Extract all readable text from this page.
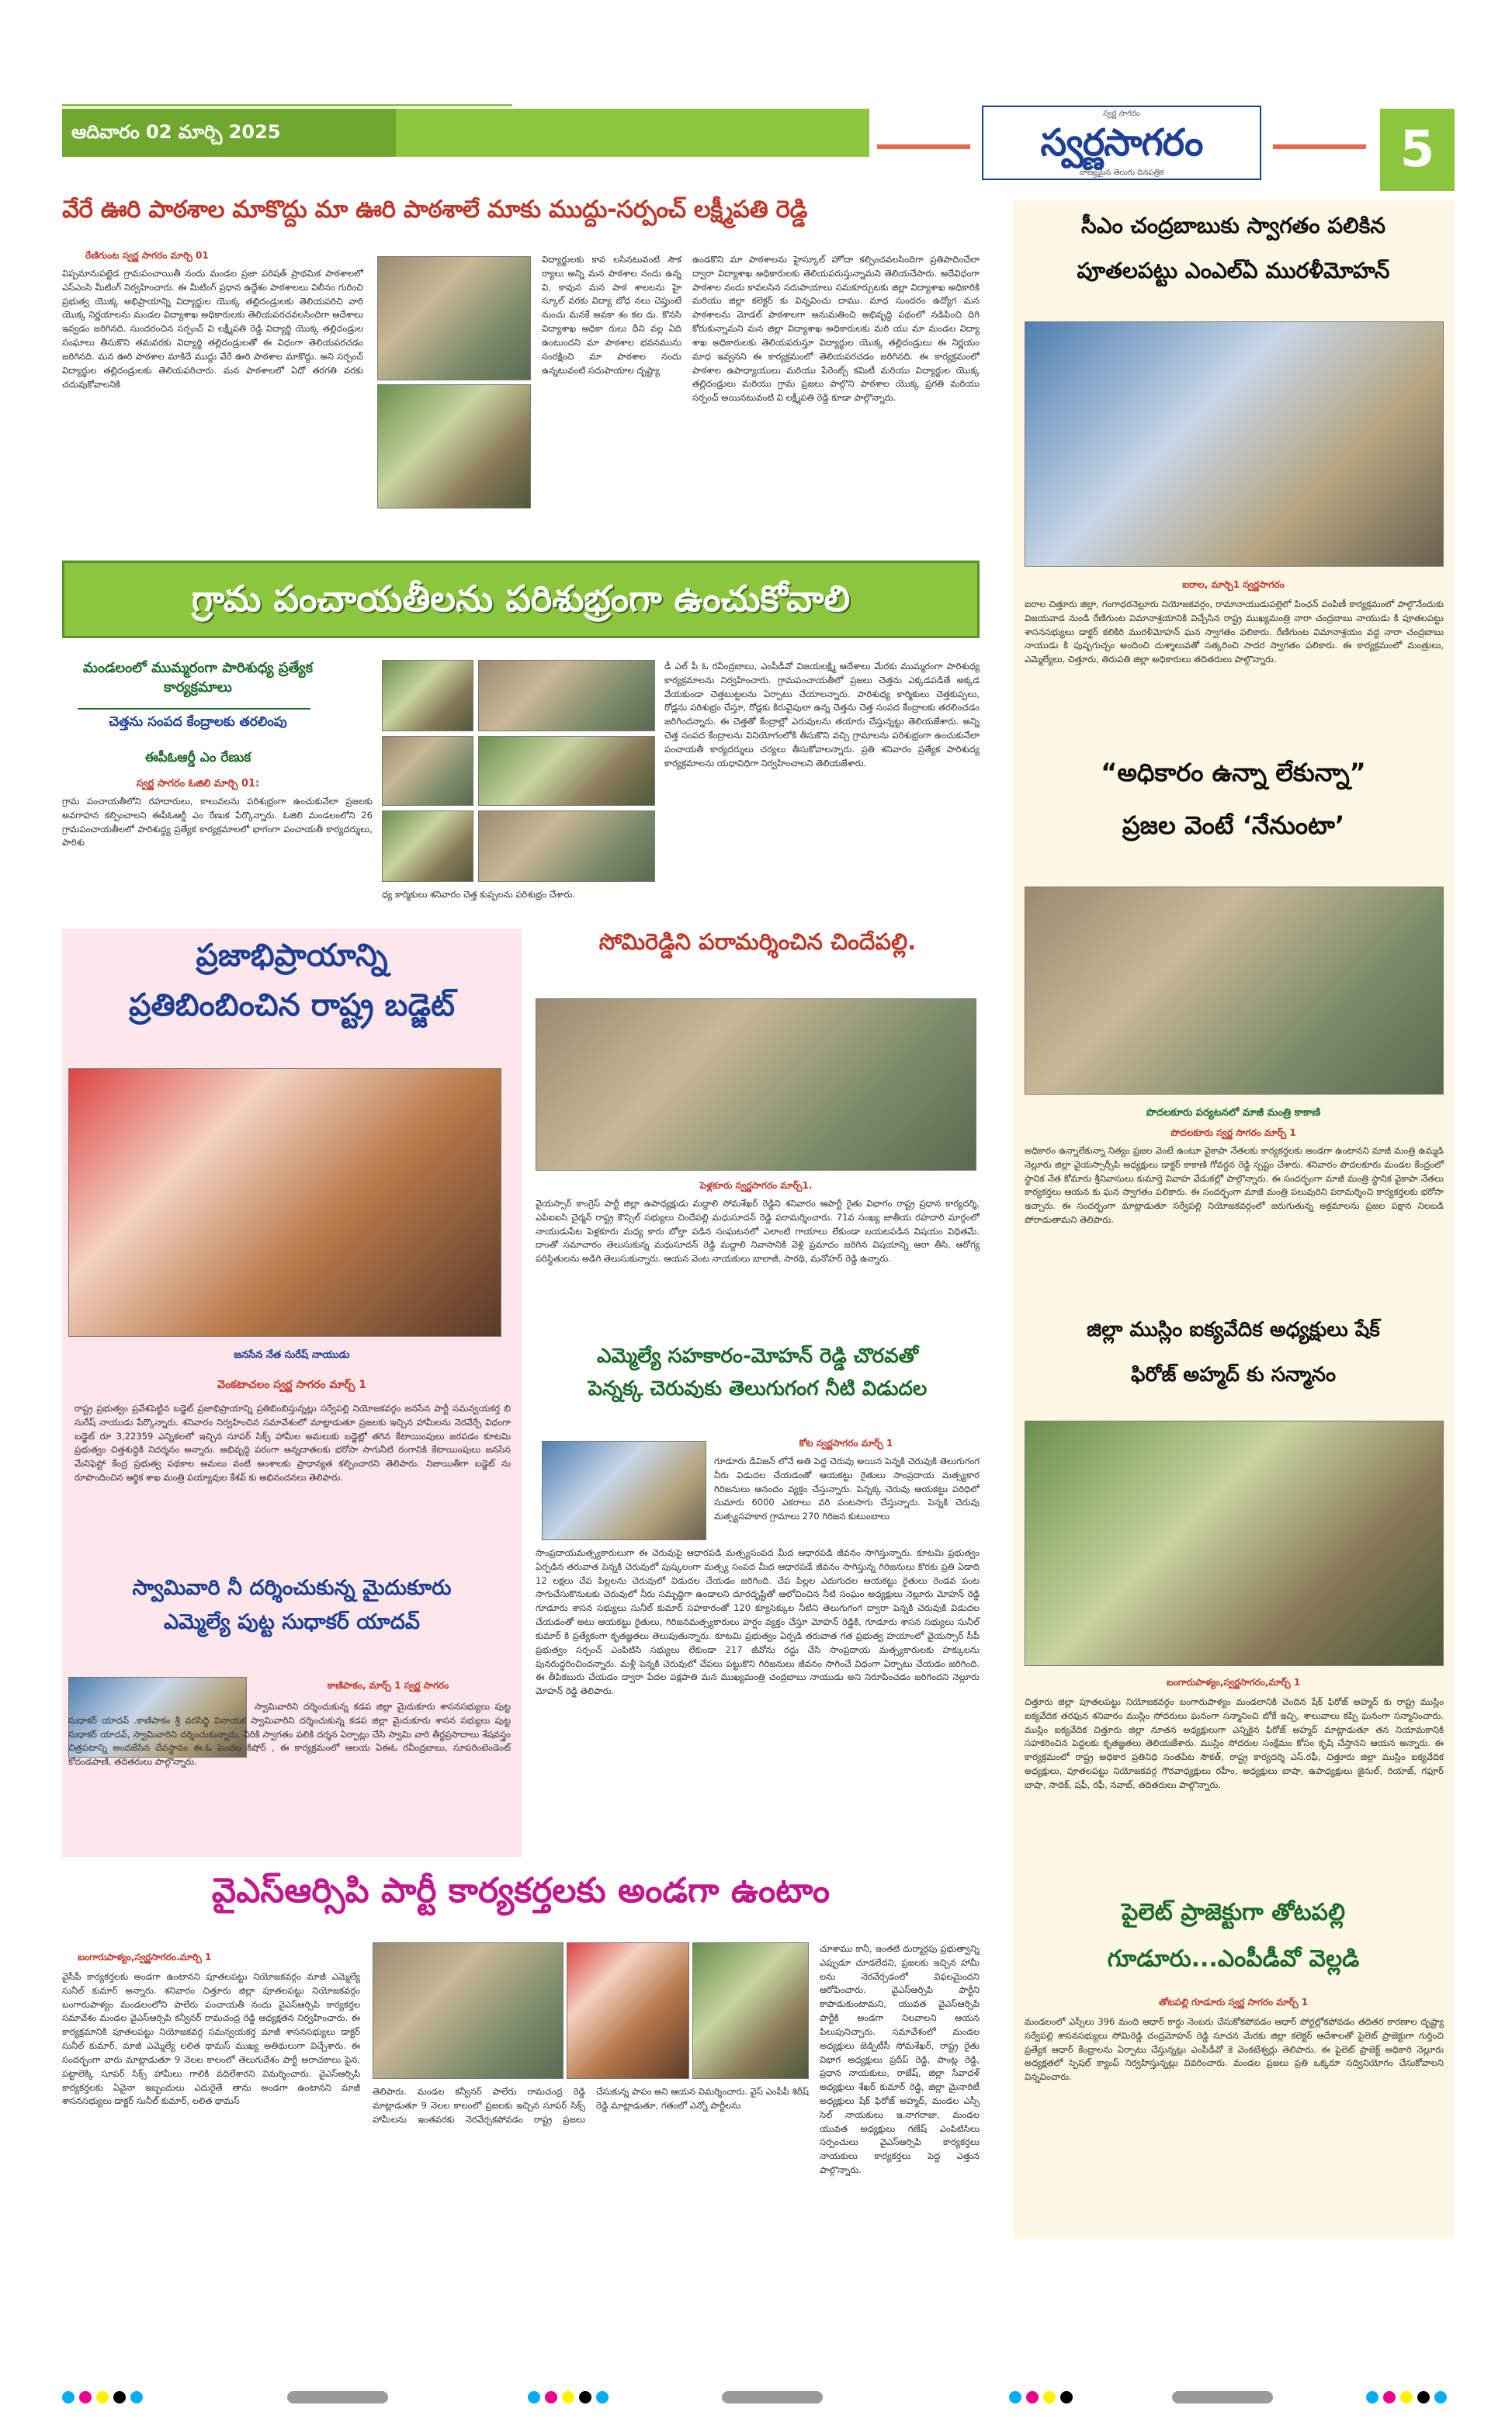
ఆదివారం 02 మార్చి 2025
స్వర్ణ సాగరం
స్వర్ణసాగరం
నాణ్యమైన తెలుగు దినపత్రిక	5
వేరే ఊరి పాఠశాల మాకొద్దు మా ఊరి పాఠశాలే మాకు ముద్దు-సర్పంచ్ లక్ష్మీపతి రెడ్డి
రేణిగుంట స్వర్ణ సాగరం మార్చి 01
విప్పమానుపట్టెడ గ్రామపంచాయితీ నందు మండల ప్రజా పరిషత్ ప్రాథమిక పాఠశాలలో ఎస్‌ఎంసి మీటింగ్ నిర్వహించారు. ఈ మీటింగ్ ప్రధాన ఉద్దేశం పాఠశాలలు విలీనం గురించి ప్రభుత్వ యొక్క అభిప్రాయాన్ని విద్యార్థుల యొక్క తల్లిదండ్రులకు తెలియపరిచి వారి యొక్క నిర్ణయాలను మండల విద్యాశాఖ అధికారులకు తెలియపరచవలసిందిగా ఆదేశాలు ఇవ్వడం జరిగినది. సుందరంచిన సర్పంచ్ వి లక్ష్మీపతి రెడ్డి విద్యార్థి యొక్క తల్లిదండ్రుల సంఘాలు తీసుకొని తమవరకు విద్యార్థి తల్లిదండ్రులతో ఈ విధంగా తెలియపరచడం జరిగినది. మన ఊరి పాఠశాల మాకిదే ముద్దు వేరే ఊరి పాఠశాల మాకొద్దు. అని సర్పంచ్ విద్యార్థుల తల్లిదండ్రులకు తెలియపరిచారు. మన పాఠశాలలో ఏదో తరగతి వరకు చదువుకోవాలనికి
విద్యార్థులకు కావ లసినటువంటి సౌక ర్యాలు అన్ని మన పాఠశాల నందు ఉన్న వి, కావున మన పాఠ శాలలను హై స్కూల్ వరకు విద్యా బోధ నలు చెప్తుంటే నుంచు మనకే అవకా శం కల దు. కొనసి విద్యాశాఖ అధికా రులు దీని వల్ల ఏది ఉంటుందని మా పాఠశాల భవనమును సంరక్షించి మా పాఠశాల నందు ఉన్నటువంటి సదుపాయాల దృష్ట్యా
ఉండకొని మా పాఠశాలను హైస్కూల్ హోదా కల్పించవలసిందిగా ప్రతిపాదించేలా ద్వారా విద్యాశాఖ అధికారులకు తెలియపరుస్తున్నామని తెలియచేసారు. అదేవిధంగా పాఠశాల నందు కావలసిన సదుపాయాలు సమకూర్చుటకు జిల్లా విద్యాశాఖ అధికారికి మరియు జిల్లా కలెక్టర్ కు విన్నవించు దాము. మాధ సుందరం ఉద్యోగ మన పాఠశాలను మోడల్ పాఠశాలగా అనుమతించి అభివృద్ధి పథంలో నడిపించి దిగి కోరుకున్నామని మన జిల్లా విద్యాశాఖ అధికారులకు మరి యు మా మండల విద్యా శాఖ అధికారులకు తెలియపరుస్తూ విద్యార్థుల యొక్క తల్లిదండ్రులు ఈ నిర్ణయం మాధ ఇవ్వనని ఈ కార్యక్రమంలో తెలియపరచడం జరిగినది. ఈ కార్యక్రమంలో పాఠశాల ఉపాధ్యాయులు మరియు పేరెంట్స్ కమిటీ మరియు విద్యార్థుల యొక్క తల్లిదండ్రులు మరియు గ్రామ ప్రజలు పాల్గొని పాఠశాల యొక్క ప్రగతి మరియు సర్పంచ్ అయినటువంటి వి లక్ష్మీపతి రెడ్డి కూడా పాల్గొన్నారు.
గ్రామ పంచాయతీలను పరిశుభ్రంగా ఉంచుకోవాలి
మండలంలో ముమ్మరంగా పారిశుధ్య ప్రత్యేక కార్యక్రమాలు
చెత్తను సంపద కేంద్రాలకు తరలింపు
ఈపీఓఆర్డీ ఎం రేణుక
స్వర్ణ సాగరం ఓజిలి మార్చి 01:
గ్రామ పంచాయతీలోని రహదారులు, కాలువలను పరిశుభ్రంగా ఉంచుకునేలా ప్రజలకు అవగాహన కల్పించాలని ఈపీఓఆర్డీ ఎం రేణుక పేర్కొన్నారు. ఓజిలి మండలంలోని 26 గ్రామపంచాయతీలలో పారిశుద్ధ్య ప్రత్యేక కార్యక్రమాలలో భాగంగా పంచాయతీ కార్యదర్శులు, పారిశు
ధ్య కార్మికులు శనివారం చెత్త కుప్పలను పరిశుభ్రం చేశారు.
డీ ఎల్ పీ ఓ రవీంద్రబాబు, ఎంపీడీవో విజయలక్ష్మి ఆదేశాలు మేరకు ముమ్మరంగా పారిశుధ్య కార్యక్రమాలను నిర్వహించారు. గ్రామపంచాయతీలో ప్రజలు చెత్తను ఎక్కడపడితే అక్కడ వేయకుండా చెత్తబుట్టలను ఏర్పాటు చేయాలన్నారు. పారిశుధ్య కార్మికులు చెత్తకుప్పలు, రోడ్లను పరిశుభ్రం చేస్తూ, రోడ్లకు కిరువైపులా ఉన్న చెత్తను చెత్త సంపద కేంద్రాలకు తరలించడం జరిగిందన్నారు. ఈ చెత్తతో కేంద్రాల్లో ఎరువులను తయారు చేస్తున్నట్టు తెలియజేశారు. అన్ని చెత్త సంపద కేంద్రాలను వినియోగంలోకి తీసుకొని వచ్చి గ్రామాలను పరిశుభ్రంగా ఉంచుకునేలా పంచాయతీ కార్యదర్శులు చర్యలు తీసుకోవాలన్నారు. ప్రతి శనివారం ప్రత్యేక పారిశుద్య కార్యక్రమాలను యధావిధిగా నిర్వహించాలని తెలియజేశారు.
ప్రజాభిప్రాయాన్ని
ప్రతిబింబించిన రాష్ట్ర బడ్జెట్
జనసేన నేత సురేష్ నాయుడు
వెంకటాచలం స్వర్ణ సాగరం మార్చ్ 1
రాష్ట్ర ప్రభుత్వం ప్రవేశపెట్టిన బడ్జెట్ ప్రజాభిప్రాయాన్ని ప్రతిబింబిస్తున్నట్లు సర్వేపల్లి నియోజకవర్గం జనసేన పార్టీ సమన్వయకర్త బి సురేష్ నాయుడు పేర్కొన్నారు. శనివారం నిర్వహించిన సమావేశంలో మాట్లాడుతూ ప్రజలకు ఇచ్చిన హామీలను నెరవేర్చే విధంగా బడ్జెట్ రూ 3,22359 ఎన్నికలలో ఇచ్చిన సూపర్ సిక్స్ హామీల అమలుకు బడ్జెట్లో తగిన కేటాయింపులు జరపడం కూటమి ప్రభుత్వం చిత్తశుద్ధికి నిదర్శనం అన్నారు. అభివృద్ధి పరంగా అన్నదాతలకు భరోసా సాగునీటి రంగానికి కేటాయింపులు జనసేన మేనిఫెస్టో కేంద్ర ప్రభుత్వ పథకాల అమలు వంటి అంశాలకు ప్రాధాన్యత కల్పించారని తెలిపారు. నిజాయితీగా బడ్జెట్ ను రూపొందించిన ఆర్థిక శాఖ మంత్రి పయ్యావుల కేశవ్ కు అభినందనలు తెలిపారు.
స్వామివారి నీ దర్శించుకున్న మైదుకూరు
ఎమ్మెల్యే పుట్ట సుధాకర్ యాదవ్
కాణిపాకం, మార్చ్ 1 స్వర్ణ సాగరం
స్వామివారిని దర్శించుకున్న కడప జిల్లా మైదుకూరు శాసనసభ్యులు పుట్ట సుధాకర్ యాదవ్ .కాణిపాకం శ్రీ వరసిద్ధి వినాయక స్వామివారిని దర్శించుకున్న కడప జిల్లా మైదుకూరు శాసన సభ్యులు పుట్ట సుధాకర్ యాదవ్, స్వామివారిని దర్శించుకున్నారు, వీరికి స్వాగతం పలికి దర్శన ఏర్పాట్లు చేసి స్వామి వారి తీర్థప్రసాదాలు శేషవస్త్రం చిత్రపటాన్ని అందజేసిన దేవస్థానం ఈ.ఓ పెంచల కిషోర్ , ఈ కార్యక్రమంలో ఆలయ ఏఈఓ రవీంద్రబాబు, సూపరింటెండెంట్ కోదండపాణి, తదితరులు పాల్గొన్నారు.
సోమిరెడ్డిని పరామర్శించిన చిందేపల్లి.
పెళ్లకూరు స్వర్ణసాగరం మార్చ్1.
వైయస్సార్ కాంగ్రెస్ పార్టీ జిల్లా ఉపాధ్యక్షుడు మద్దాలి సోమశేఖర్ రెడ్డిని శనివారం ఆపార్టీ రైతు విభాగం రాష్ట్ర ప్రధాన కార్యదర్శి, ఎపిఐఐసి చైర్మన్ రాష్ట్ర కౌన్సిల్ సభ్యులు చిందేపల్లి మధుసూదన్ రెడ్డి పరామర్శించారు. 71వ సంఖ్య జాతీయ రహదారి మార్గంలో నాయుడుపేట పెళ్లకూరు మధ్య కారు బోల్తా పడిన సంఘటనలో ఎలాంటి గాయాలు లేకుండా బయటపడిన విషయం విధితమే. దాంతో సమాచారం తెలుసుకున్న మధుసూదన్ రెడ్డి మద్దాలి నివాసానికి వెళ్లి ప్రమాదం జరిగిన విషయాన్ని ఆరా తీసి, ఆరోగ్య పరిస్థితులను అడిగి తెలుసుకున్నారు. ఆయన వెంట నాయకులు బాలాజీ, సారథి, మనోహర్ రెడ్డి ఉన్నారు.
ఎమ్మెల్యే సహకారం-మోహన్ రెడ్డి చొరవతో
పెన్నక్క చెరువుకు తెలుగుగంగ నీటి విడుదల
కోట స్వర్ణసాగరం మార్చ్ 1
గూడూరు డివిజన్ లోనే అతి పెద్ద చెరువు అయిన పెన్నకి చెరువుకి తెలుగుగంగ నీరు విడుదల చేయడంతో ఆయకట్టు రైతులు సాంప్రదాయ మత్స్యకార గిరిజనులు ఆనందం వ్యక్తం చేస్తున్నారు. పెన్నక్క చెరువు ఆయకట్టు పరిధిలో సుమారు 6000 ఎకరాలు వరి పంటసాగు చేస్తున్నారు. పెన్నకి చెరువు మత్స్యసహకార గ్రామాలు 270 గిరిజన కుటుంబాలు
సాంప్రదాయమత్స్యకారులుగా ఈ చెరువుపై ఆధారపడి మత్స్యసంపద మీద ఆధారపడి జీవనం సాగిస్తున్నారు. కూటమి ప్రభుత్వం ఏర్పడిన తరువాత పెన్నకి చెరువులో పుష్కలంగా మత్స్య సంపద మీద ఆధారపడే జీవనం సాగిస్తున్న గిరిజనులు కొరకు ప్రతి ఏడాది 12 లక్షలు చేప పిల్లలను చెరువులో విడుదల చేయడం జరిగింది. చేప పిల్లల ఎదుగుదల ఆయకట్టు రైతులు రెండవ పంట సాగుచేసుకొనుటకు చెరువులో నీరు సమృద్ధిగా ఉండాలని దూరదృష్టితో ఆలోచించిన నీటి సంఘం అధ్యక్షులు నెల్లూరు మోహన్ రెడ్డి గూడూరు శాసన సభ్యులు సునీల్ కుమార్ సహకారంతో 120 క్యూసెక్కుల నీటిని తెలుగుగంగ ద్వారా పెన్నకి చెరువుకి విడుదల చేయడంతో అటు ఆయకట్టు రైతులు, గిరిజనమత్స్యకారులు హర్షం వ్యక్తం చేస్తూ మోహన్ రెడ్డికి, గూడూరు శాసన సభ్యులు సునీల్ కుమార్ కి ప్రత్యేకంగా కృతజ్ఞతలు తెలుపుతున్నారు. కూటమి ప్రభుత్వం ఏర్పడి తరువాత గత ప్రభుత్వ హయాంలో వైయస్సార్ సీపీ ప్రభుత్వం సర్పంచ్ ఎంపిటిసి సభ్యులు లేకుండా 217 జీవోను రద్దు చేసి సాంప్రదాయ మత్స్యకారులకు హక్కులను పునరుద్ధరించిందన్నారు. మళ్లీ పెన్నకి చెరువులో చేపలు పట్టుకొని గిరిజనులు జీవనం సాగించే విధంగా ఏర్పాటు చేయడం జరిగింది. ఈ తీపికబురు చేయడం ద్వారా పేదల పక్షపాతి మన ముఖ్యమంత్రి చంద్రబాబు నాయుడు అని నిరూపించడం జరిగిందని నెల్లూరు మోహన్ రెడ్డి తెలిపారు.
వైఎస్ఆర్సిపి పార్టీ కార్యకర్తలకు అండగా ఉంటాం
బంగారుపాళ్యం,స్వర్ణసాగరం.మార్చి 1
వైసీపీ కార్యకర్తలకు అండగా ఉంటానని పూతలపట్టు నియోజకవర్గం మాజీ ఎమ్మెల్యే సునీల్ కుమార్ అన్నారు. శనివారం చిత్తూరు జిల్లా పూతలపట్టు నియోజకవర్గం బంగారుపాళ్యం మండలంలోని పాలేరు పంచాయతీ నందు వైఎస్ఆర్సిపి కార్యకర్తల సమావేశం మండల వైఎస్ఆర్సిపి కన్వీనర్ రామచంద్ర రెడ్డి అధ్యక్షతన నిర్వహించారు. ఈ కార్యక్రమానికి పూతలపట్టు నియోజకవర్గ సమన్వయకర్త మాజీ శాసనసభ్యులు డాక్టర్ సునీల్ కుమార్, మాజీ ఎమ్మెల్యే లలిత థామస్ ముఖ్య అతిథులుగా విచ్చేశారు. ఈ సందర్భంగా వారు మాట్లాడుతూ 9 నెలల కాలంలో తెలుగుదేశం పార్టీ అరాచకాలు పైన, పట్టాలెక్కి సూపర్ సిక్స్ హామీలు గాలికి వదిలేశారని విమర్శించారు. వైఎస్ఆర్సిపి కార్యకర్తలకు ఏవైనా ఇబ్బందులు ఎదురైతే తాను అండగా ఉంటానని మాజీ శాసనసభ్యులు డాక్టర్ సునీల్ కుమార్, లలిత థామస్
తెలిపారు. మండల కన్వీనర్ పాలేరు రామచంద్ర రెడ్డి మాట్లాడుతూ 9 నెలల కాలంలో ప్రజలకు ఇచ్చిన సూపర్ సిక్స్ హామీలను ఇంతవరకు నెరవేర్చకపోవడం రాష్ట్ర ప్రజలు చేసుకున్న పాపం అని ఆయన విమర్శించారు. వైస్ ఎంపీపీ శిరీష్ రెడ్డి మాట్లాడుతూ, గతంలో ఎన్నో పార్టీలను
చూశాము కానీ, ఇంతటి దుర్మార్గపు ప్రభుత్వాన్ని ఎప్పుడూ చూడలేదని, ప్రజలకు ఇచ్చిన హామీ లను నెరవేర్చడంలో విఫలమైందని ఆరోపించారు. వైఎస్ఆర్సిపి పార్టీని కాపాడుకుంటామని, యువత వైఎస్ఆర్సిపి పార్టీకి అండగా నిలవాలని ఆయన పిలుపునిచ్చారు. సమావేశంలో మండల అధ్యక్షులు జెడ్పిటీసీ సోమశేఖర్, రాష్ట్ర రైతు విభాగ అధ్యక్షులు ప్రదీప్ రెడ్డి, పాంట్ల రెడ్డి, ప్రధాన నాయకులు, రాజేష్, జిల్లా సేవాదళ్ అధ్యక్షులు శేఖర్ కుమార్ రెడ్డి, జిల్లా మైనారిటీ అధ్యక్షులు షేక్ ఫిరోజ్ అహ్మద్, మండల ఎస్సీ సెల్ నాయకులు ఇ.నాగరాజు, మండల యువత అధ్యక్షులు గణేష్ ఎంపిటిసిలు సర్పంచులు వైఎస్ఆర్సిపి కార్యకర్తలు నాయకులు కార్యకర్తలు పెద్ద ఎత్తున పాల్గొన్నారు.
సీఎం చంద్రబాబుకు స్వాగతం పలికిన
పూతలపట్టు ఎంఎల్ఏ మురళీమోహన్
ఐరాల, మార్చి1 స్వర్ణసాగరం
ఐరాల చిత్తూరు జిల్లా, గంగాధరనెల్లూరు నియోజకవర్గం, రామానాయుడుపల్లెలో పింఛన్ పంపిణీ కార్యక్రమంలో పాల్గొనేందుకు విజయవాడ నుండి రేణిగుంట విమానాశ్రయానికి విచ్చేసిన రాష్ట్ర ముఖ్యమంత్రి నారా చంద్రబాబు నాయుడు కి పూతలపట్టు శాసనసభ్యులు డాక్టర్ కలికిరి మురళీమోహన్ ఘన స్వాగతం పలికారు. రేణిగుంట విమానాశ్రయం వద్ద నారా చంద్రబాబు నాయుడు కి పుష్పగుచ్ఛం అందించి దుశ్శాలువతో సత్కరించి సాదర స్వాగతం పలికారు. ఈ కార్యక్రమంలో మంత్రులు, ఎమ్మెల్యేలు, చిత్తూరు, తిరుపతి జిల్లా అధికారులు తదితరులు పాల్గొన్నారు.
“అధికారం ఉన్నా లేకున్నా”
ప్రజల వెంటే ‘నేనుంటా’
పొదలకూరు పర్యటనలో మాజీ మంత్రి కాకాణి
పొదలకూరు స్వర్ణ సాగరం మార్చ్ 1
అధికారం ఉన్నాలేకున్నా నిత్యం ప్రజల వెంటే ఉంటూ వైకాపా నేతలకు కార్యకర్తలకు అండగా ఉంటానని మాజీ మంత్రి ఉమ్మడి నెల్లూరు జిల్లా వైయస్సార్సీపి అధ్యక్షులు డాక్టర్ కాకాణి గోవర్ధన రెడ్డి స్పష్టం చేశారు. శనివారం పొదలకూరు మండల కేంద్రంలో స్థానిక నేత కోమారు శ్రీనివాసులు కుమార్తె వివాహ వేడుకల్లో పాల్గొన్నారు. ఈ సందర్భంగా మాజీ మంత్రి స్థానిక వైకాపా నేతలు కార్యకర్తలు ఆయన కు ఘన స్వాగతం పలికారు. ఈ సందర్భంగా మాజీ మంత్రి పలువురిని పరామర్శించి కార్యకర్తలకు భరోసా ఇచ్చారు. ఈ సందర్భంగా మాట్లాడుతూ సర్వేపల్లి నియోజకవర్గంలో జరుగుతున్న అక్రమాలను ప్రజల పక్షాన నిలబడి పోరాడుతామని తెలిపారు.
జిల్లా ముస్లిం ఐక్యవేదిక అధ్యక్షులు షేక్
ఫిరోజ్ అహ్మద్ కు సన్మానం
బంగారుపాళ్యం,స్వర్ణసాగరం,మార్చ్ 1
చిత్తూరు జిల్లా పూతలపట్టు నియోజకవర్గం బంగారుపాళ్యం మండలానికి చెందిన షేక్ ఫిరోజ్ అహ్మద్ కు రాష్ట్ర ముస్లిం ఐక్యవేదిక తరఫున శనివారం ముస్లిం సోదరులు ఘనంగా సన్మానించి బోకే ఇచ్చి, శాలువాలు కప్పి ఘనంగా సన్మానించారు. ముస్లిం ఐక్యవేదిక చిత్తూరు జిల్లా నూతన అధ్యక్షులుగా ఎన్నికైన ఫిరోజ్ అహ్మద్ మాట్లాడుతూ తన నియామకానికి సహకరించిన పెద్దలకు కృతజ్ఞతలు తెలియజేశారు. ముస్లిం సోదరుల సంక్షేమం కోసం కృషి చేస్తానని ఆయన అన్నారు. ఈ కార్యక్రమంలో రాష్ట్ర అధికార ప్రతినిధి సంతపేట సౌకత్, రాష్ట్ర కార్యదర్శి ఎస్.రఫీ, చిత్తూరు జిల్లా ముస్లిం ఐక్యవేదిక అధ్యక్షులు, పూతలపట్టు నియోజకవర్గ గౌరవాధ్యక్షులు రహీం, అధ్యక్షులు బాషా, ఉపాధ్యక్షులు జైనుల్, రియాజ్, గఫూర్ బాషా, సాదిక్, షఫీ, రఫీ, నవాబ్, తదితరులు పాల్గొన్నారు.
పైలెట్ ప్రాజెక్టుగా తోటపల్లి
గూడూరు...ఎంపీడీవో వెల్లడి
తోటపల్లి గూడూరు స్వర్ణ సాగరం మార్చ్ 1
మండలంలో ఎస్సీలు 396 మంది ఆధార్ కార్డు నెంబరు చేసుకోకపోవడం ఆధార్ పోర్టల్లోకపోవడం తదితర కారణాల దృష్ట్యా సర్వేపల్లి శాసనసభ్యులు సోమిరెడ్డి చంద్రమోహన్ రెడ్డి సూచన మేరకు జిల్లా కలెక్టర్ ఆదేశాలతో పైలెట్ ప్రాజెక్టుగా గుర్తించి ప్రత్యేక ఆధార్ కేంద్రాలను ఏర్పాటు చేస్తున్నట్లు ఎంపీడీవో కె వెంకటేశ్వర్లు తెలిపారు. ఈ పైలెట్ ప్రాజెక్ట్ అధికారి నెల్లూరు అధ్యక్షతలో స్పెషల్ క్యాంప్ నిర్వహిస్తున్నట్లు వివరించారు. మండల ప్రజలు ప్రతి ఒక్కరూ సద్వినియోగం చేసుకోవాలని విన్నవించారు.
